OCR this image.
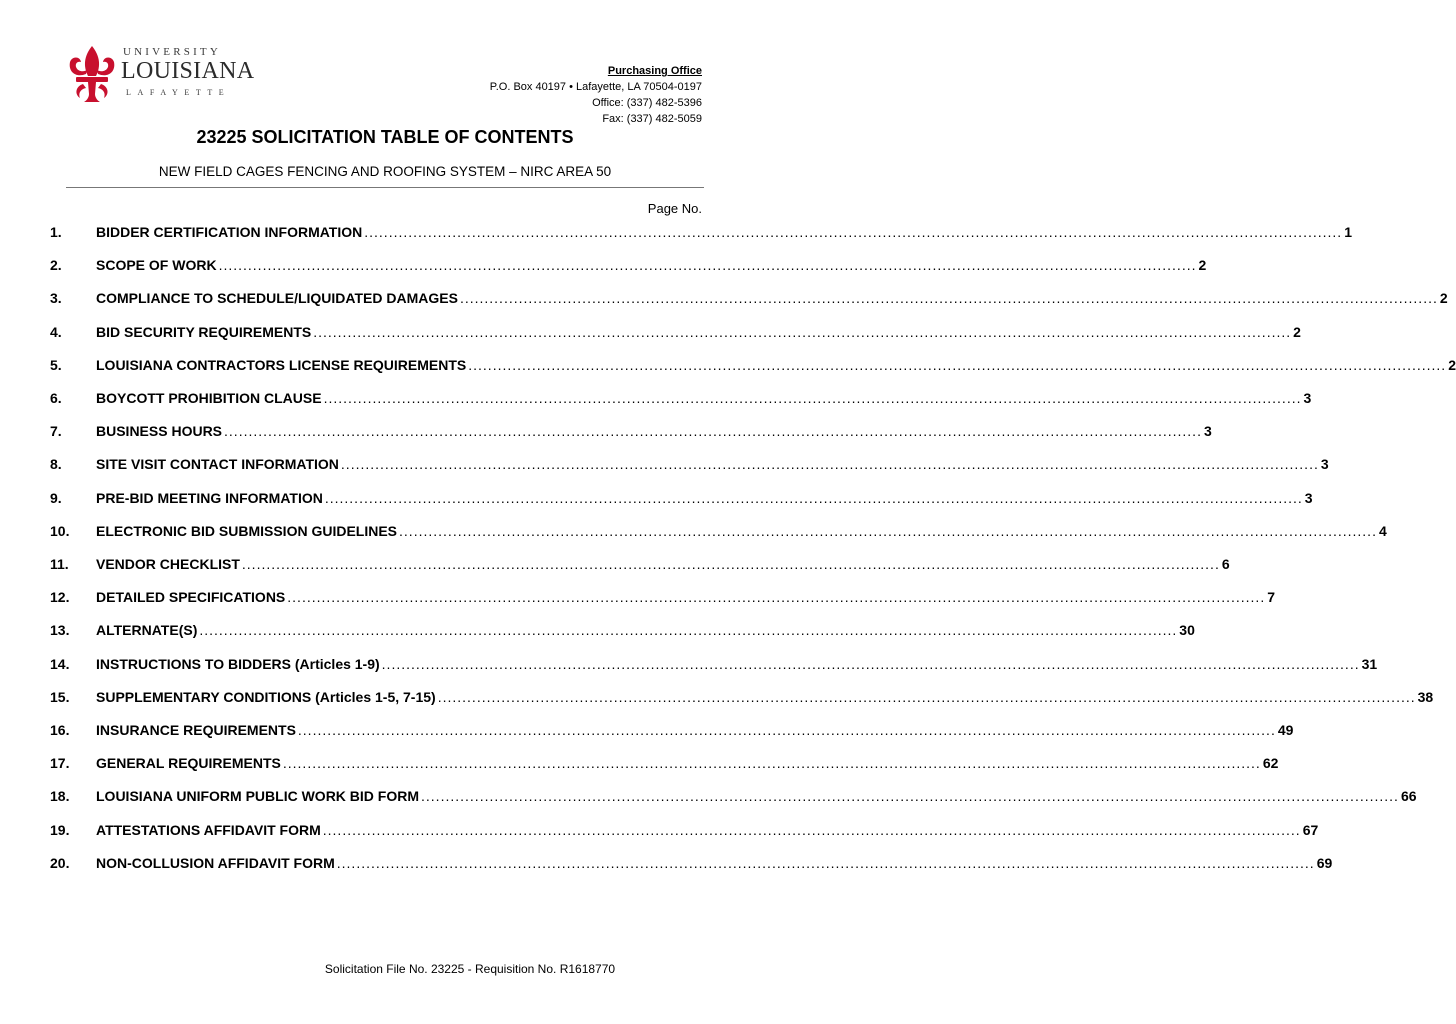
UNIVERSITY
LOUISIANA
LAFAYETTE
Purchasing Office
P.O. Box 40197 • Lafayette, LA 70504-0197
Office: (337) 482-5396
Fax: (337) 482-5059
23225 SOLICITATION TABLE OF CONTENTS
NEW FIELD CAGES FENCING AND ROOFING SYSTEM – NIRC AREA 50
Page No.
1. BIDDER CERTIFICATION INFORMATION ........................................................................................................................................................................................................ 1
2. SCOPE OF WORK ........................................................................................................................................................................................................ 2
3. COMPLIANCE TO SCHEDULE/LIQUIDATED DAMAGES ........................................................................................................................................................................................................ 2
4. BID SECURITY REQUIREMENTS ........................................................................................................................................................................................................ 2
5. LOUISIANA CONTRACTORS LICENSE REQUIREMENTS ........................................................................................................................................................................................................ 2
6. BOYCOTT PROHIBITION CLAUSE ........................................................................................................................................................................................................ 3
7. BUSINESS HOURS ........................................................................................................................................................................................................ 3
8. SITE VISIT CONTACT INFORMATION ........................................................................................................................................................................................................ 3
9. PRE-BID MEETING INFORMATION ........................................................................................................................................................................................................ 3
10. ELECTRONIC BID SUBMISSION GUIDELINES ........................................................................................................................................................................................................ 4
11. VENDOR CHECKLIST ........................................................................................................................................................................................................ 6
12. DETAILED SPECIFICATIONS ........................................................................................................................................................................................................ 7
13. ALTERNATE(S) ........................................................................................................................................................................................................ 30
14. INSTRUCTIONS TO BIDDERS (Articles 1-9) ........................................................................................................................................................................................................ 31
15. SUPPLEMENTARY CONDITIONS (Articles 1-5, 7-15) ........................................................................................................................................................................................................ 38
16. INSURANCE REQUIREMENTS ........................................................................................................................................................................................................ 49
17. GENERAL REQUIREMENTS ........................................................................................................................................................................................................ 62
18. LOUISIANA UNIFORM PUBLIC WORK BID FORM ........................................................................................................................................................................................................ 66
19. ATTESTATIONS AFFIDAVIT FORM ........................................................................................................................................................................................................ 67
20. NON-COLLUSION AFFIDAVIT FORM ........................................................................................................................................................................................................ 69
Solicitation File No. 23225 - Requisition No. R1618770
